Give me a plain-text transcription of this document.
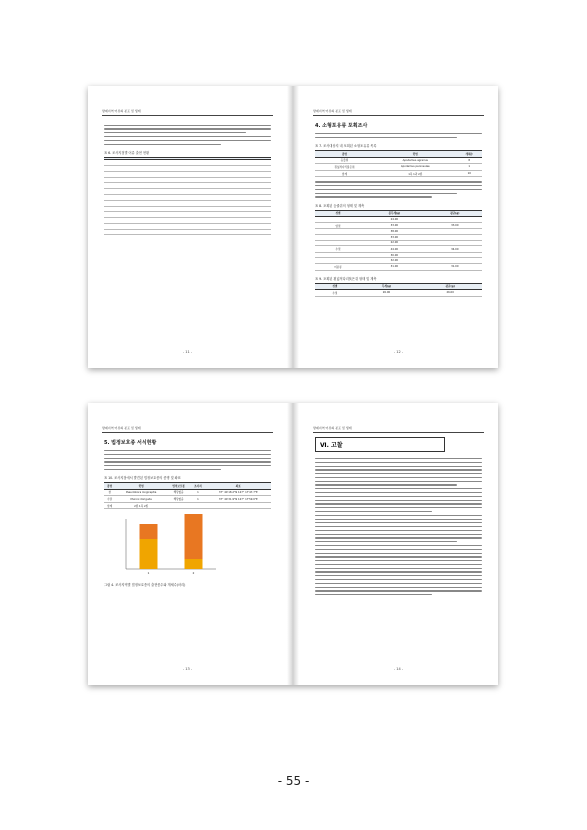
방제지역 어류의 분포 및 생태
표 6. 조사지점별 어류 출현 현황

- 11 -
방제지역 어류의 분포 및 생태
4. 소형포유류 포획조사
표 7. 조사대상지 내 포획된 소형포유류 목록
종명	학명	개체수
등줄쥐	Apodemus agrarius	8
흰넓적다리붉은쥐	Apodemus peninsulae	1
합계	1목 1과 2종	10
표 8. 포획된 등줄쥐의 형태 및 계측
성별	몸무게(g)	평균(g)
	24.00	
암컷	33.00	33.00
	38.00	
	33.00	
	22.00	
수컷	44.00	34.00
	30.00	
	32.00	
미분류	31.00	31.00
표 9. 포획된 흰넓적다리붉은쥐 형태 및 계측
성별	무게(g)	평균(g)
수컷	26.00	26.00
- 12 -
방제지역 어류의 분포 및 생태
5. 법정보호종 서식현황
표 10. 조사지점에서 발견된 법정보호종의 종명 및 좌표
종명	학명	법적보호종	조사지	좌표
참	Pseudobora longiceptia	해당없음	1	37° 44'18.2"N 127° 17'47.7"E
수달	Muroni doriguda	해당없음	1	37° 44'31.9"N 127° 17'59.0"E
합계	2종 1목 2종			
1	2
그림 4. 조사지역별 법정보호종의 출현종수와 개체수(마리)
- 13 -
방제지역 어류의 분포 및 생태
Ⅵ. 고찰
- 14 -
- 55 -
